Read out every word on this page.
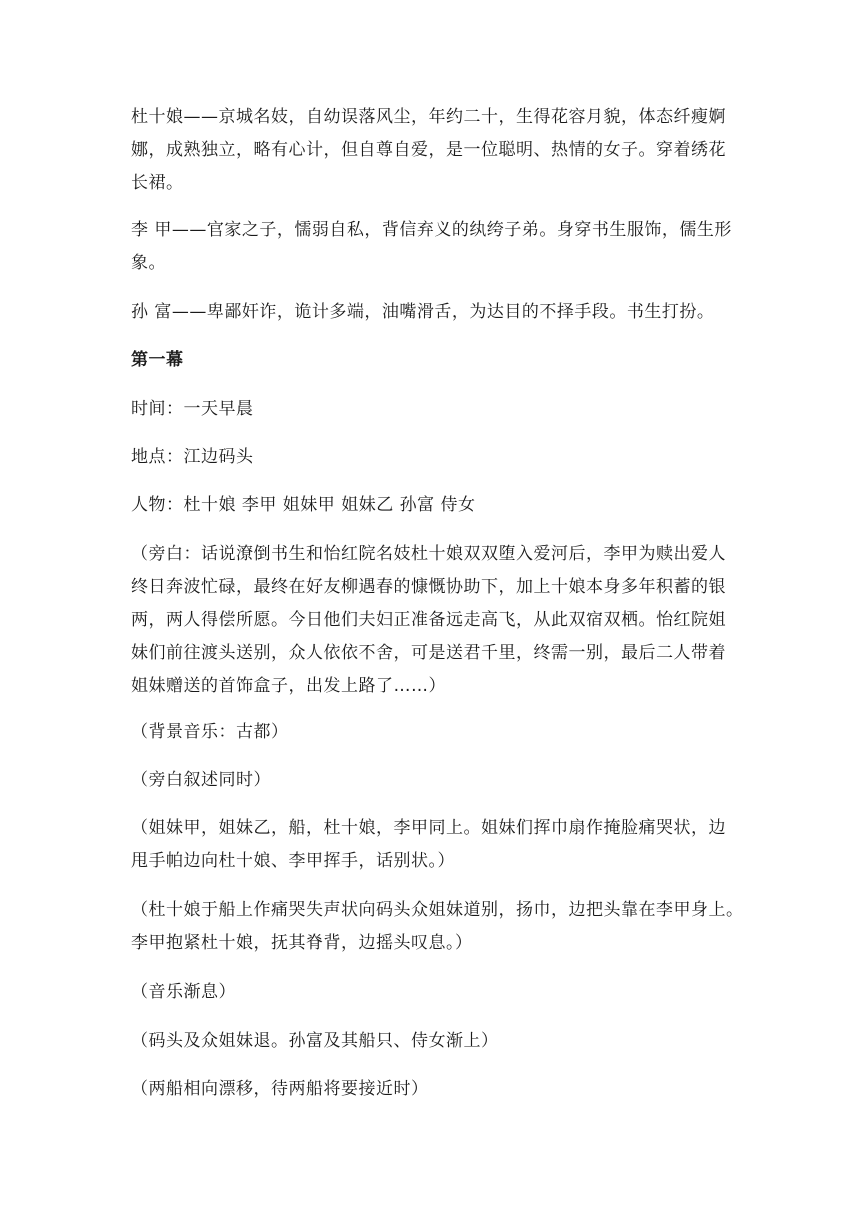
杜十娘——京城名妓，自幼误落风尘，年约二十，生得花容月貌，体态纤瘦婀
娜，成熟独立，略有心计，但自尊自爱，是一位聪明、热情的女子。穿着绣花
长裙。

李 甲——官家之子，懦弱自私，背信弃义的纨绔子弟。身穿书生服饰，儒生形
象。

孙 富——卑鄙奸诈，诡计多端，油嘴滑舌，为达目的不择手段。书生打扮。

第一幕

时间：一天早晨

地点：江边码头

人物：杜十娘 李甲 姐妹甲 姐妹乙 孙富 侍女

（旁白：话说潦倒书生和怡红院名妓杜十娘双双堕入爱河后，李甲为赎出爱人
终日奔波忙碌，最终在好友柳遇春的慷慨协助下，加上十娘本身多年积蓄的银
两，两人得偿所愿。今日他们夫妇正准备远走高飞，从此双宿双栖。怡红院姐
妹们前往渡头送别，众人依依不舍，可是送君千里，终需一别，最后二人带着
姐妹赠送的首饰盒子，出发上路了……）

（背景音乐：古都）

（旁白叙述同时）

（姐妹甲，姐妹乙，船，杜十娘，李甲同上。姐妹们挥巾扇作掩脸痛哭状，边
甩手帕边向杜十娘、李甲挥手，话别状。）

（杜十娘于船上作痛哭失声状向码头众姐妹道别，扬巾，边把头靠在李甲身上。
李甲抱紧杜十娘，抚其脊背，边摇头叹息。）

（音乐渐息）

（码头及众姐妹退。孙富及其船只、侍女渐上）

（两船相向漂移，待两船将要接近时）
